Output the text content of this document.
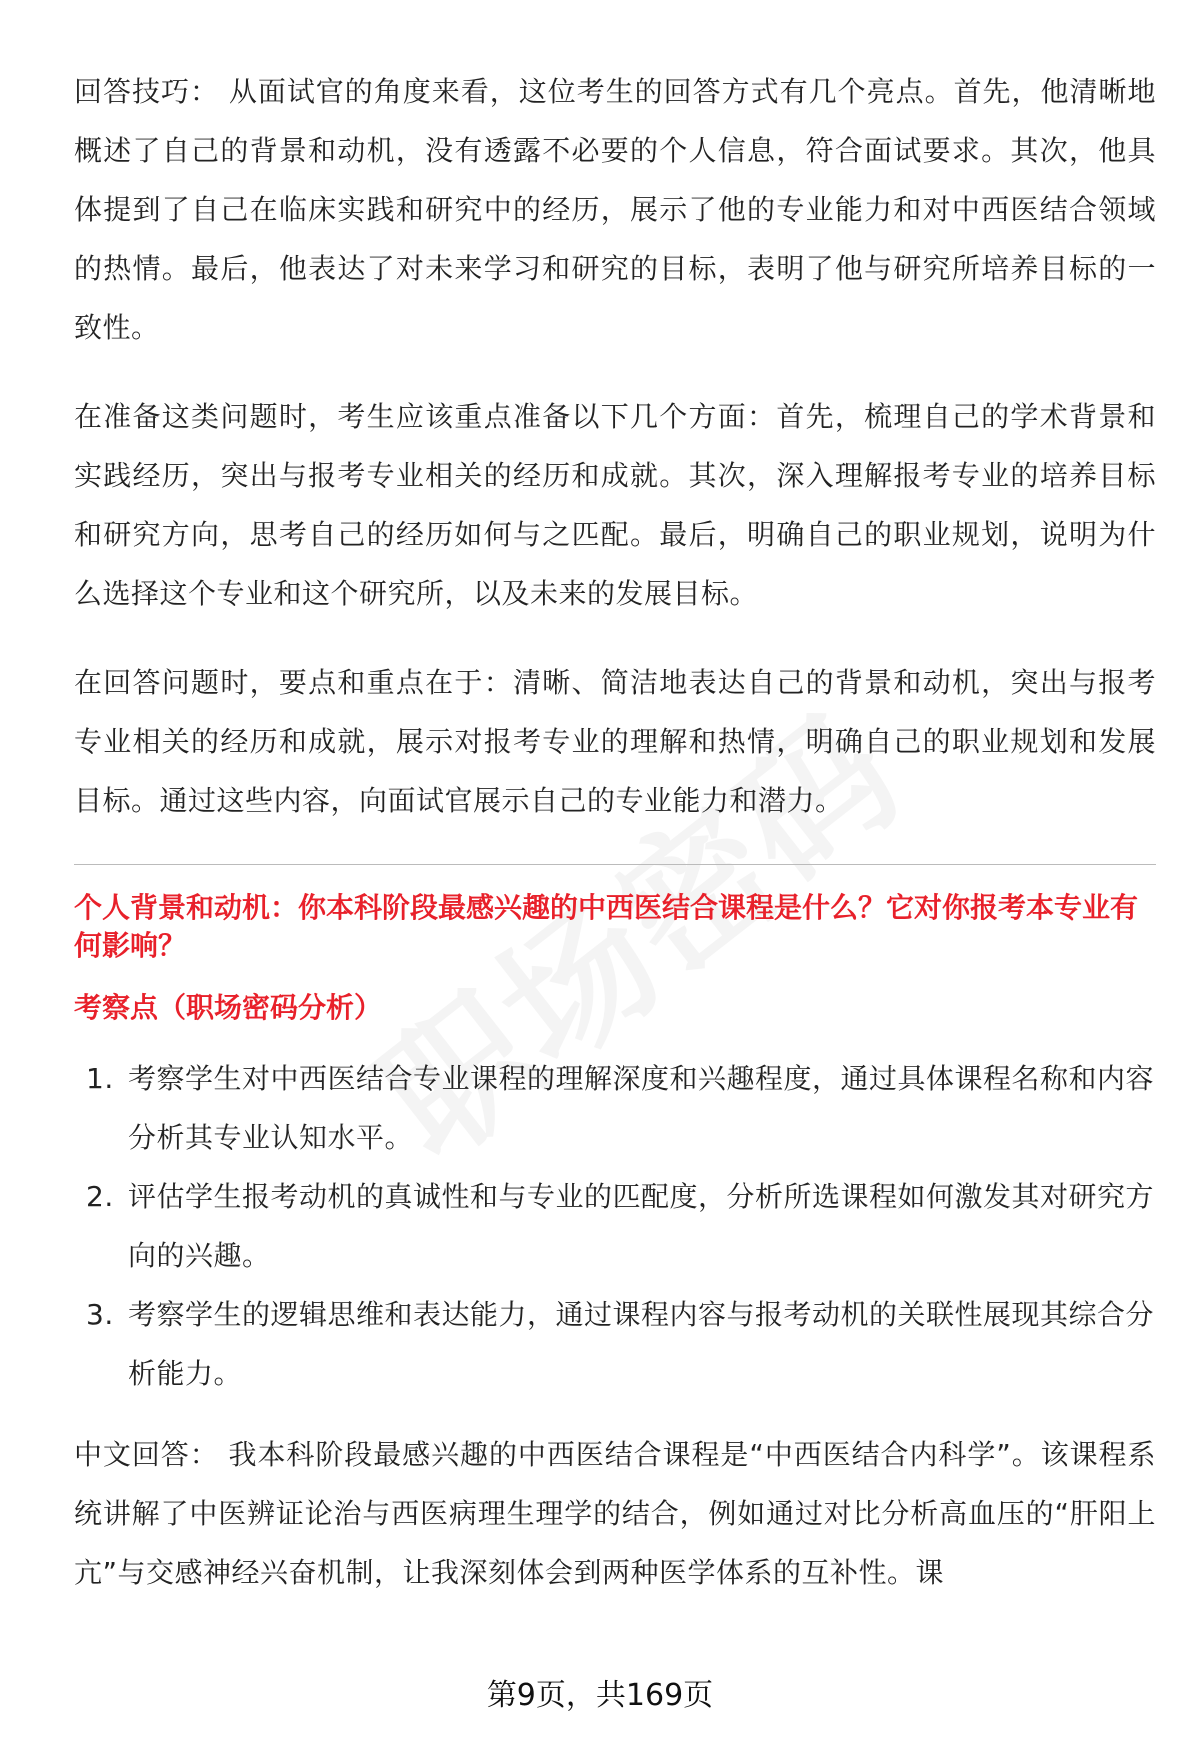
回答技巧： 从面试官的角度来看，这位考生的回答方式有几个亮点。首先，他清晰地概述了自己的背景和动机，没有透露不必要的个人信息，符合面试要求。其次，他具体提到了自己在临床实践和研究中的经历，展示了他的专业能力和对中西医结合领域的热情。最后，他表达了对未来学习和研究的目标，表明了他与研究所培养目标的一致性。

在准备这类问题时，考生应该重点准备以下几个方面：首先，梳理自己的学术背景和实践经历，突出与报考专业相关的经历和成就。其次，深入理解报考专业的培养目标和研究方向，思考自己的经历如何与之匹配。最后，明确自己的职业规划，说明为什么选择这个专业和这个研究所，以及未来的发展目标。

在回答问题时，要点和重点在于：清晰、简洁地表达自己的背景和动机，突出与报考专业相关的经历和成就，展示对报考专业的理解和热情，明确自己的职业规划和发展目标。通过这些内容，向面试官展示自己的专业能力和潜力。

个人背景和动机：你本科阶段最感兴趣的中西医结合课程是什么？它对你报考本专业有何影响？
考察点（职场密码分析）
1. 考察学生对中西医结合专业课程的理解深度和兴趣程度，通过具体课程名称和内容分析其专业认知水平。
2. 评估学生报考动机的真诚性和与专业的匹配度，分析所选课程如何激发其对研究方向的兴趣。
3. 考察学生的逻辑思维和表达能力，通过课程内容与报考动机的关联性展现其综合分析能力。

中文回答： 我本科阶段最感兴趣的中西医结合课程是“中西医结合内科学”。该课程系统讲解了中医辨证论治与西医病理生理学的结合，例如通过对比分析高血压的“肝阳上亢”与交感神经兴奋机制，让我深刻体会到两种医学体系的互补性。课

第9页，共169页
